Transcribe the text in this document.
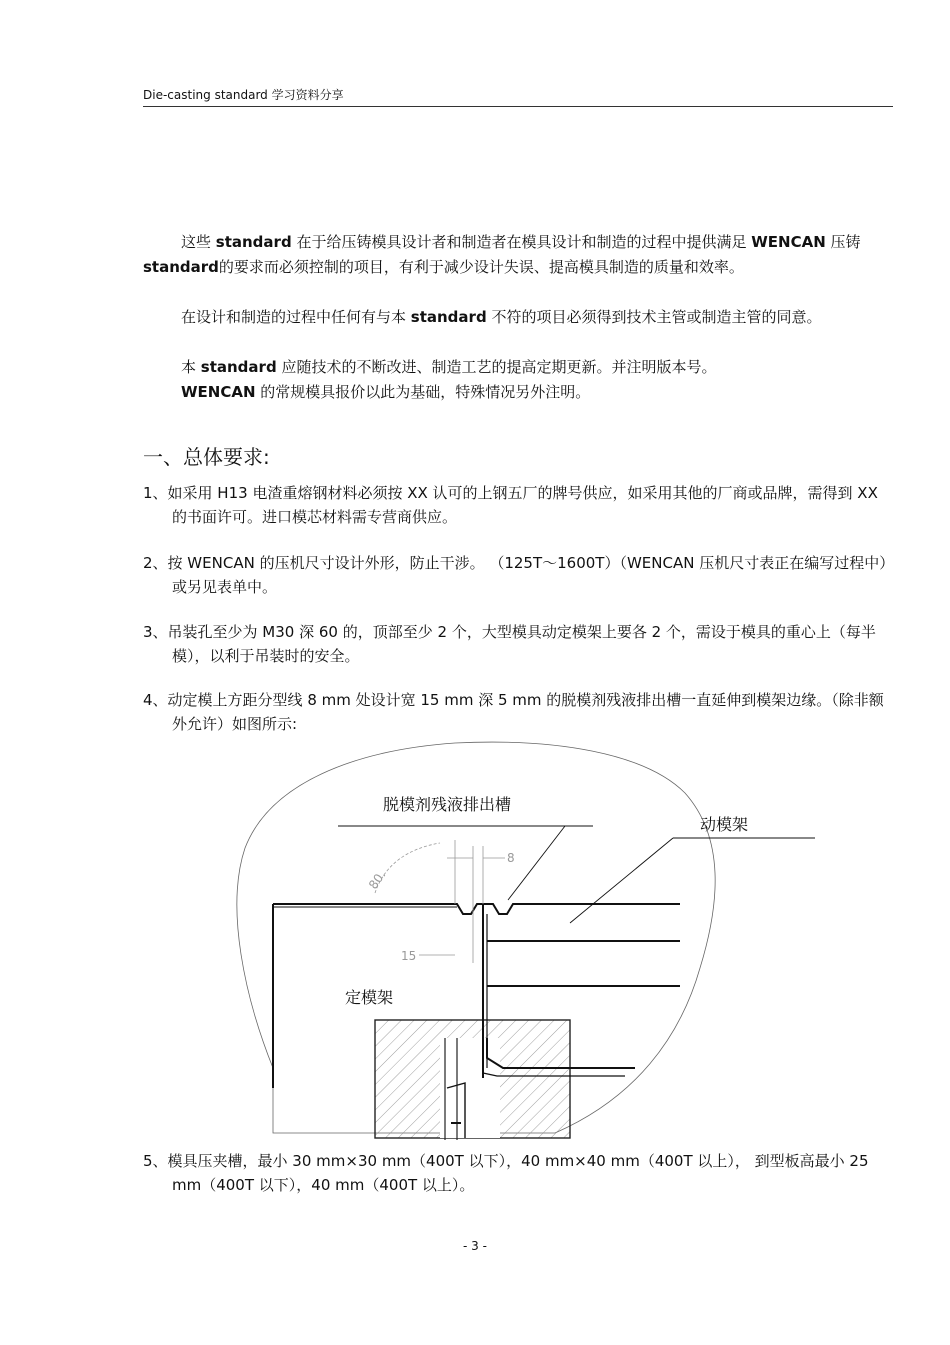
Die-casting standard 学习资料分享

这些 standard 在于给压铸模具设计者和制造者在模具设计和制造的过程中提供满足 WENCAN 压铸 standard的要求而必须控制的项目，有利于减少设计失误、提高模具制造的质量和效率。

在设计和制造的过程中任何有与本 standard 不符的项目必须得到技术主管或制造主管的同意。

本 standard 应随技术的不断改进、制造工艺的提高定期更新。并注明版本号。

WENCAN 的常规模具报价以此为基础，特殊情况另外注明。

一、总体要求:

1、如采用 H13 电渣重熔钢材料必须按 XX 认可的上钢五厂的牌号供应，如采用其他的厂商或品牌，需得到 XX 的书面许可。进口模芯材料需专营商供应。

2、按 WENCAN 的压机尺寸设计外形，防止干涉。 （125T～1600T）（WENCAN 压机尺寸表正在编写过程中）或另见表单中。

3、吊装孔至少为 M30 深 60 的，顶部至少 2 个，大型模具动定模架上要各 2 个，需设于模具的重心上（每半模），以利于吊装时的安全。

4、动定模上方距分型线 8 mm 处设计宽 15 mm 深 5 mm 的脱模剂残液排出槽一直延伸到模架边缘。（除非额外允许）如图所示:

脱模剂残液排出槽
动模架
定模架
80.
8
15

5、模具压夹槽，最小 30 mm×30 mm（400T 以下），40 mm×40 mm（400T 以上）， 到型板高最小 25 mm（400T 以下），40 mm（400T 以上）。

- 3 -
